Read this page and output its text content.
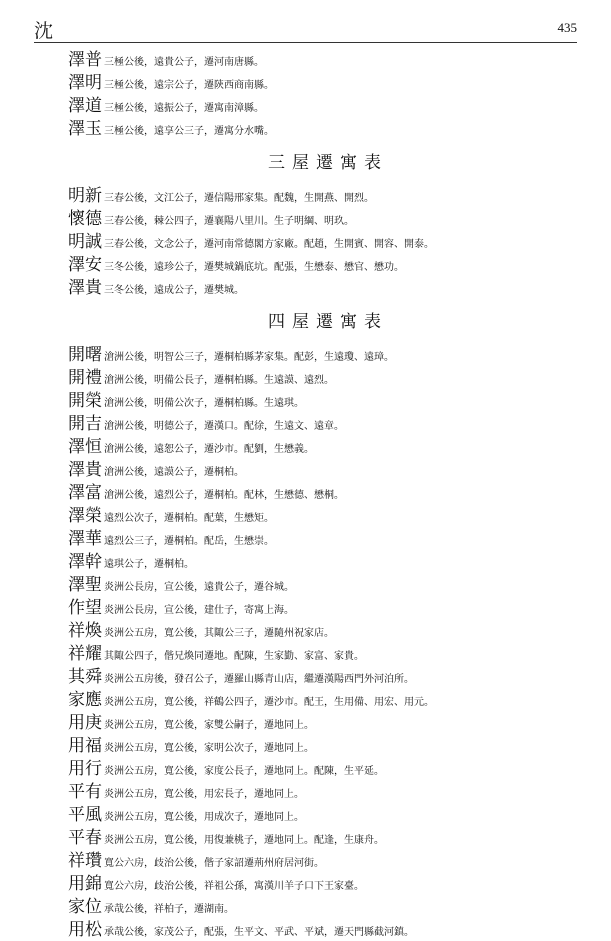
沈	435
澤普 三極公後，遠貴公子，遷河南唐縣。
澤明 三極公後，遠宗公子，遷陝西商南縣。
澤道 三極公後，遠振公子，遷寓南漳縣。
澤玉 三極公後，遠享公三子，遷寓分水嘴。
三屋遷寓表
明新 三春公後，文江公子，遷信陽邢家集。配魏，生開燕、開烈。
懷德 三春公後，棘公四子，遷襄陽八里川。生子明綱、明玖。
明誠 三春公後，文念公子，遷河南常德閣方家廠。配趙，生開賓、開容、開泰。
澤安 三冬公後，遠珍公子，遷樊城鍋底坑。配張，生懋泰、懋官、懋功。
澤貴 三冬公後，遠成公子，遷樊城。
四屋遷寓表
開曙 滄洲公後，明智公三子，遷桐柏縣茅家集。配彭，生遠瓊、遠璋。
開禮 滄洲公後，明備公長子，遷桐柏縣。生遠謨、遠烈。
開榮 滄洲公後，明備公次子，遷桐柏縣。生遠琪。
開吉 滄洲公後，明德公子，遷漢口。配徐，生遠文、遠章。
澤恒 滄洲公後，遠恕公子，遷沙市。配劉，生懋義。
澤貴 滄洲公後，遠謨公子，遷桐柏。
澤富 滄洲公後，遠烈公子，遷桐柏。配林，生懋德、懋桐。
澤榮 遠烈公次子，遷桐柏。配葉，生懋矩。
澤華 遠烈公三子，遷桐柏。配岳，生懋崇。
澤幹 遠琪公子，遷桐柏。
澤聖 炎洲公長房，宣公後，遠貴公子，遷谷城。
作望 炎洲公長房，宣公後，建仕子，寄寓上海。
祥煥 炎洲公五房，寬公後，其陬公三子，遷隨州祝家店。
祥耀 其陬公四子，偕兄煥同遷地。配陳，生家勤、家富、家貴。
其舜 炎洲公五房後，發召公子，遷羅山縣青山店，繼遷漢陽西門外河泊所。
家應 炎洲公五房，寬公後，祥鶴公四子，遷沙市。配王，生用備、用宏、用元。
用庚 炎洲公五房，寬公後，家雙公嗣子，遷地同上。
用福 炎洲公五房，寬公後，家明公次子，遷地同上。
用行 炎洲公五房，寬公後，家度公長子，遷地同上。配陳，生平延。
平有 炎洲公五房，寬公後，用宏長子，遷地同上。
平風 炎洲公五房，寬公後，用成次子，遷地同上。
平春 炎洲公五房，寬公後，用復兼桃子，遷地同上。配逢，生康舟。
祥瓚 寬公六房，歧治公後，偕子家詔遷荊州府居河街。
用錦 寬公六房，歧治公後，祥祖公孫，寓漢川羊子口下王家臺。
家位 承哉公後，祥柏子，遷湖南。
用松 承哉公後，家茂公子，配張，生平文、平武、平斌，遷天門縣截河鎮。
